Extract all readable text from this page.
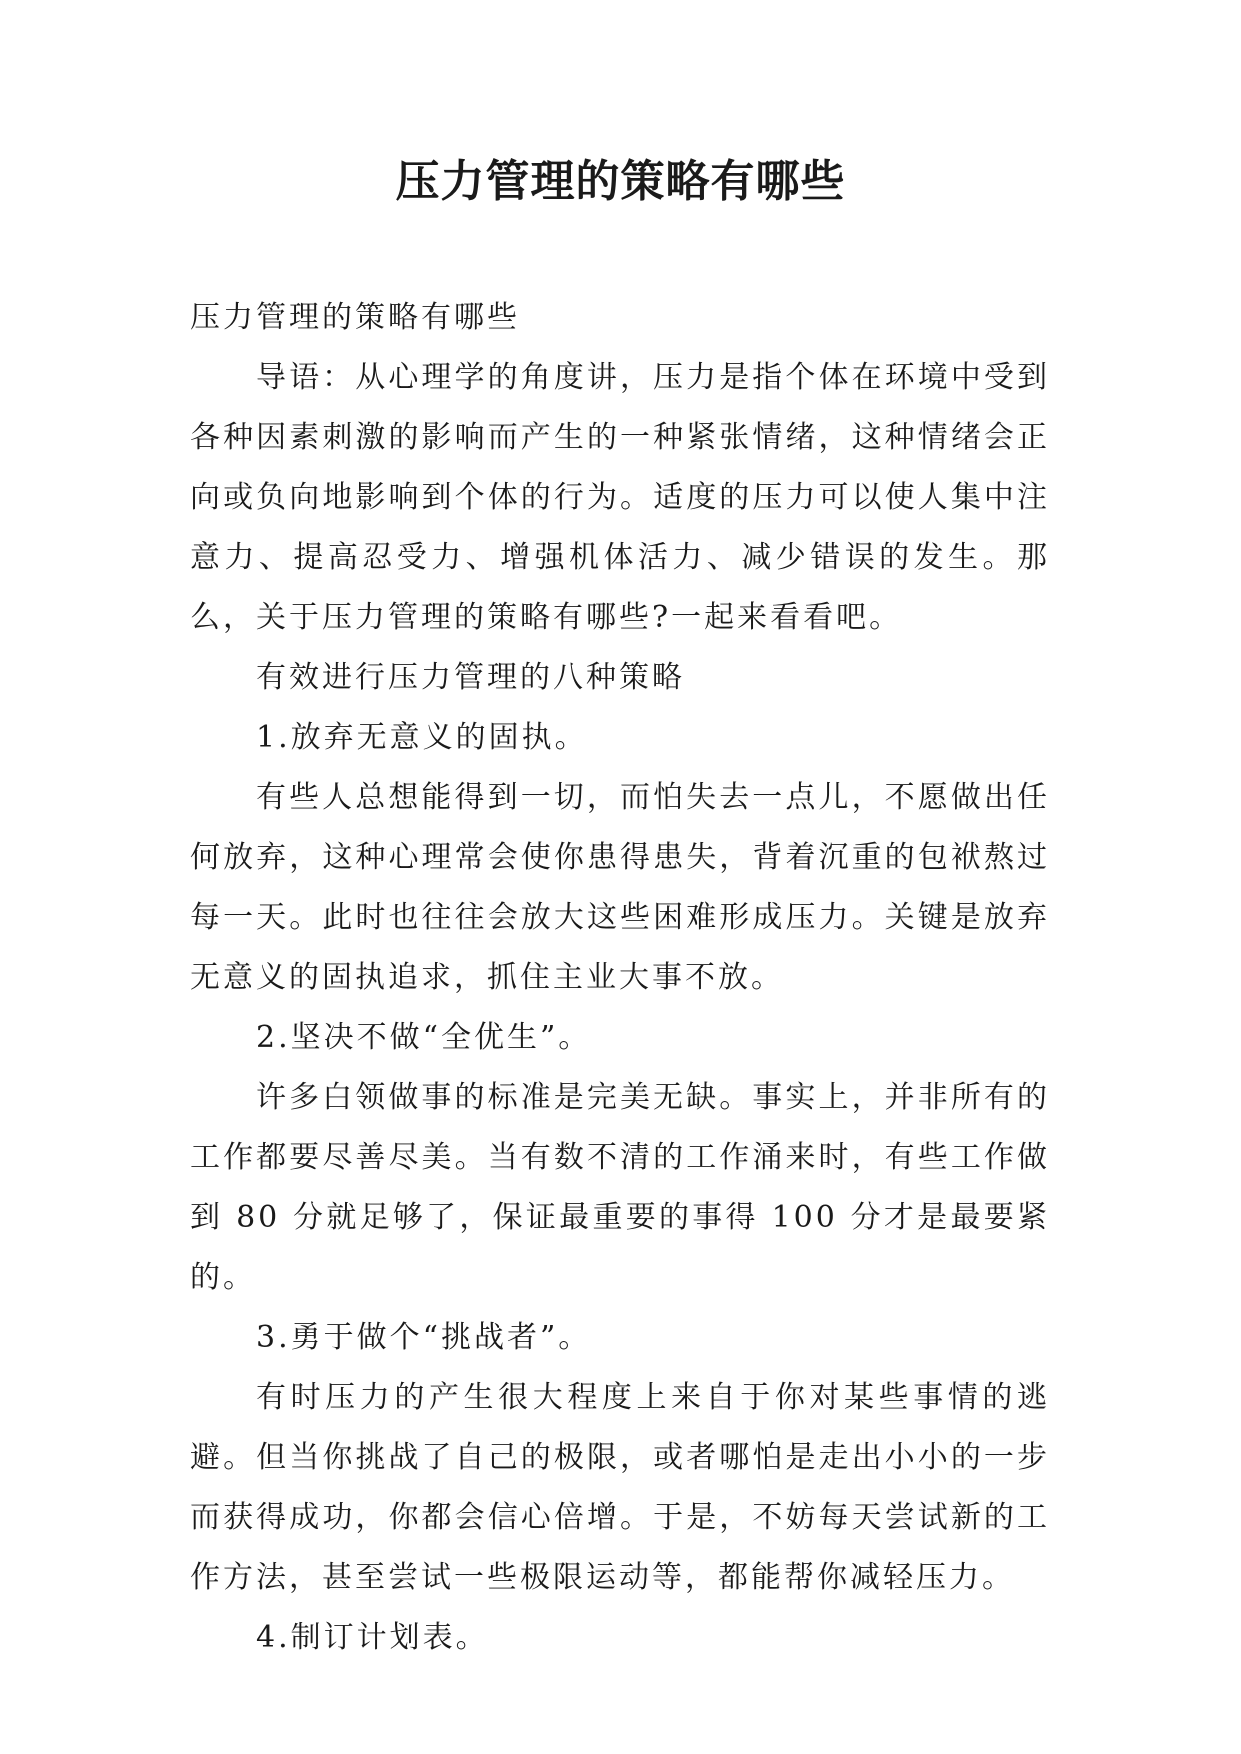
压力管理的策略有哪些

压力管理的策略有哪些

导语：从心理学的角度讲，压力是指个体在环境中受到各种因素刺激的影响而产生的一种紧张情绪，这种情绪会正向或负向地影响到个体的行为。适度的压力可以使人集中注意力、提高忍受力、增强机体活力、减少错误的发生。那么，关于压力管理的策略有哪些?一起来看看吧。

有效进行压力管理的八种策略

1.放弃无意义的固执。

有些人总想能得到一切，而怕失去一点儿，不愿做出任何放弃，这种心理常会使你患得患失，背着沉重的包袱熬过每一天。此时也往往会放大这些困难形成压力。关键是放弃无意义的固执追求，抓住主业大事不放。

2.坚决不做“全优生”。

许多白领做事的标准是完美无缺。事实上，并非所有的工作都要尽善尽美。当有数不清的工作涌来时，有些工作做到 80 分就足够了，保证最重要的事得 100 分才是最要紧的。

3.勇于做个“挑战者”。

有时压力的产生很大程度上来自于你对某些事情的逃避。但当你挑战了自己的极限，或者哪怕是走出小小的一步而获得成功，你都会信心倍增。于是，不妨每天尝试新的工作方法，甚至尝试一些极限运动等，都能帮你减轻压力。

4.制订计划表。
